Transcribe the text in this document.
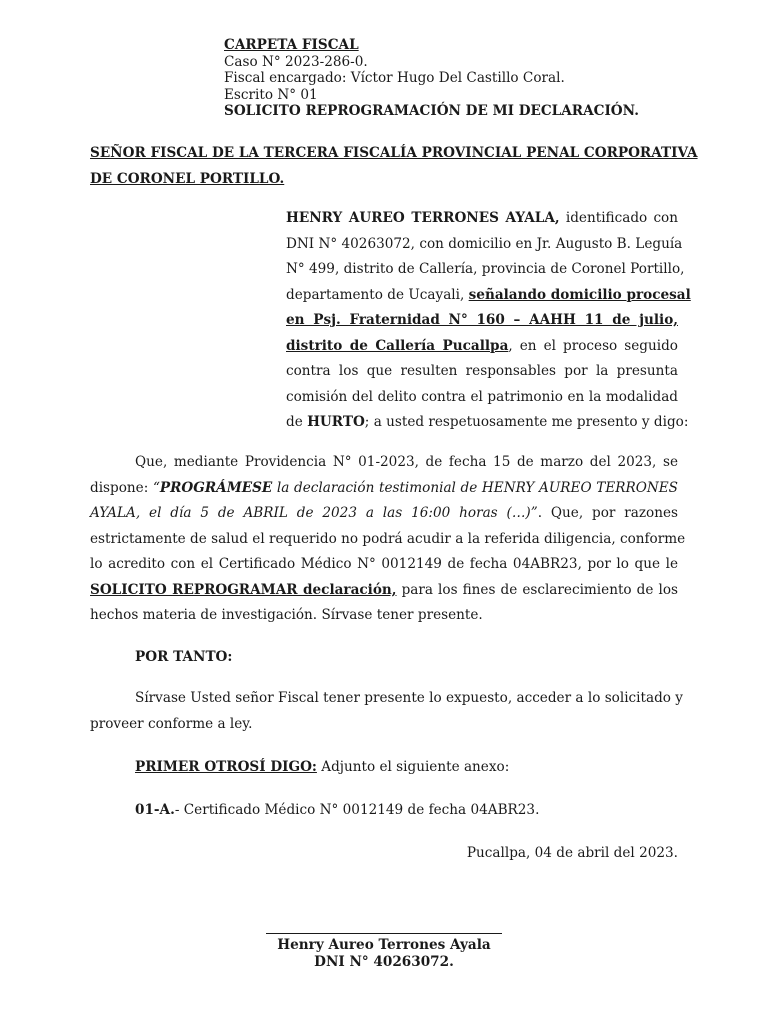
CARPETA FISCAL
Caso N° 2023-286-0.
Fiscal encargado: Víctor Hugo Del Castillo Coral.
Escrito N° 01
SOLICITO REPROGRAMACIÓN DE MI DECLARACIÓN.
SEÑOR FISCAL DE LA TERCERA FISCALÍA PROVINCIAL PENAL CORPORATIVA
DE CORONEL PORTILLO.
HENRY AUREO TERRONES AYALA, identificado con
DNI N° 40263072, con domicilio en Jr. Augusto B. Leguía
N° 499, distrito de Callería, provincia de Coronel Portillo,
departamento de Ucayali, señalando domicilio procesal
en Psj. Fraternidad N° 160 – AAHH 11 de julio,
distrito de Callería Pucallpa, en el proceso seguido
contra los que resulten responsables por la presunta
comisión del delito contra el patrimonio en la modalidad
de HURTO; a usted respetuosamente me presento y digo:
Que, mediante Providencia N° 01-2023, de fecha 15 de marzo del 2023, se
dispone: “PROGRÁMESE la declaración testimonial de HENRY AUREO TERRONES
AYALA, el día 5 de ABRIL de 2023 a las 16:00 horas (…)”. Que, por razones
estrictamente de salud el requerido no podrá acudir a la referida diligencia, conforme
lo acredito con el Certificado Médico N° 0012149 de fecha 04ABR23, por lo que le
SOLICITO REPROGRAMAR declaración, para los fines de esclarecimiento de los
hechos materia de investigación. Sírvase tener presente.
POR TANTO:
Sírvase Usted señor Fiscal tener presente lo expuesto, acceder a lo solicitado y
proveer conforme a ley.
PRIMER OTROSÍ DIGO: Adjunto el siguiente anexo:
01-A.- Certificado Médico N° 0012149 de fecha 04ABR23.
Pucallpa, 04 de abril del 2023.
Henry Aureo Terrones Ayala
DNI N° 40263072.
